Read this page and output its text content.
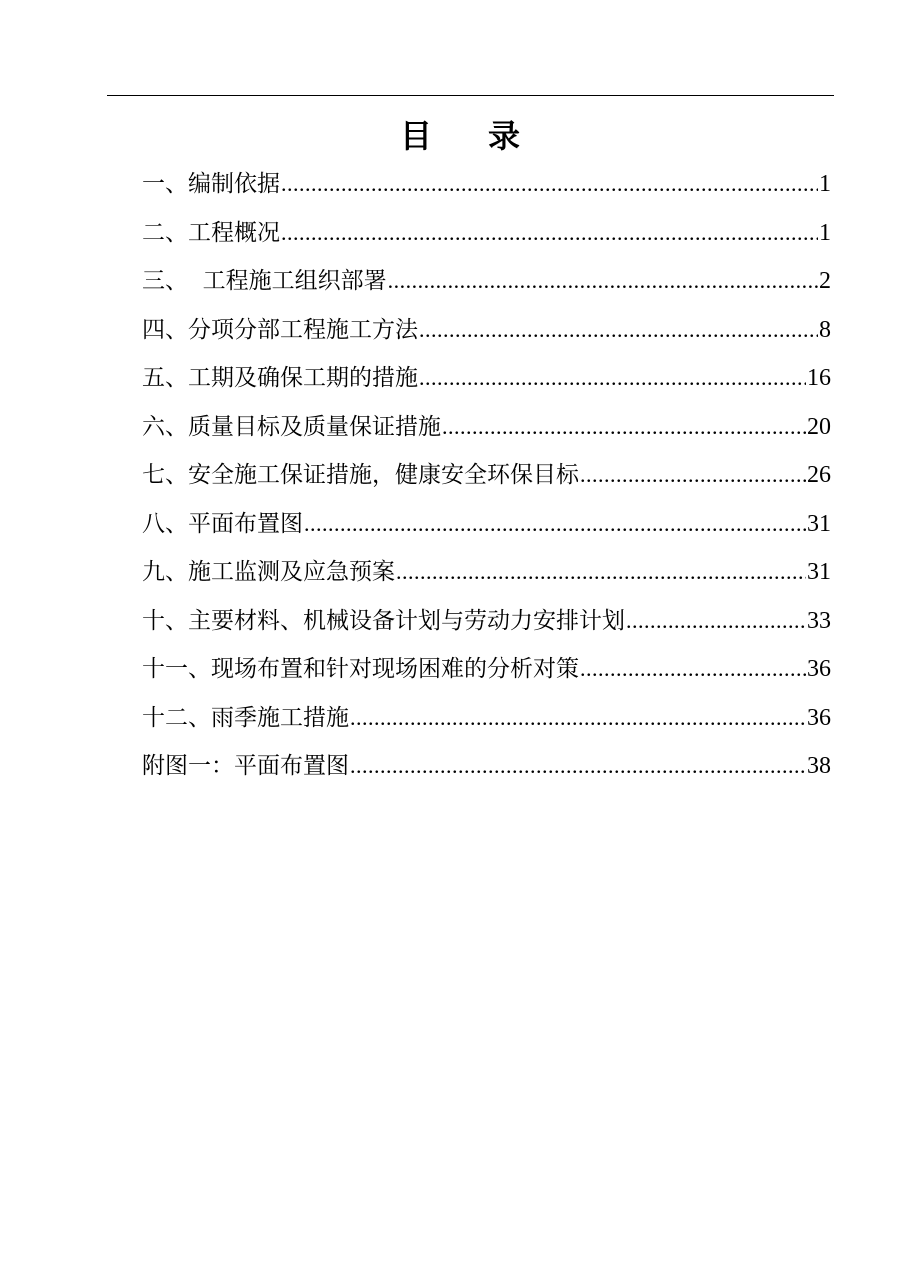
目 录
一、编制依据 .....	1
二、工程概况 .....	1
三、  工程施工组织部署 .....	2
四、分项分部工程施工方法 .....	8
五、工期及确保工期的措施 .....	16
六、质量目标及质量保证措施 .....	20
七、安全施工保证措施，健康安全环保目标 .....	26
八、平面布置图 .....	31
九、施工监测及应急预案 .....	31
十、主要材料、机械设备计划与劳动力安排计划 .....	33
十一、现场布置和针对现场困难的分析对策 .....	36
十二、雨季施工措施 .....	36
附图一：平面布置图 .....	38
